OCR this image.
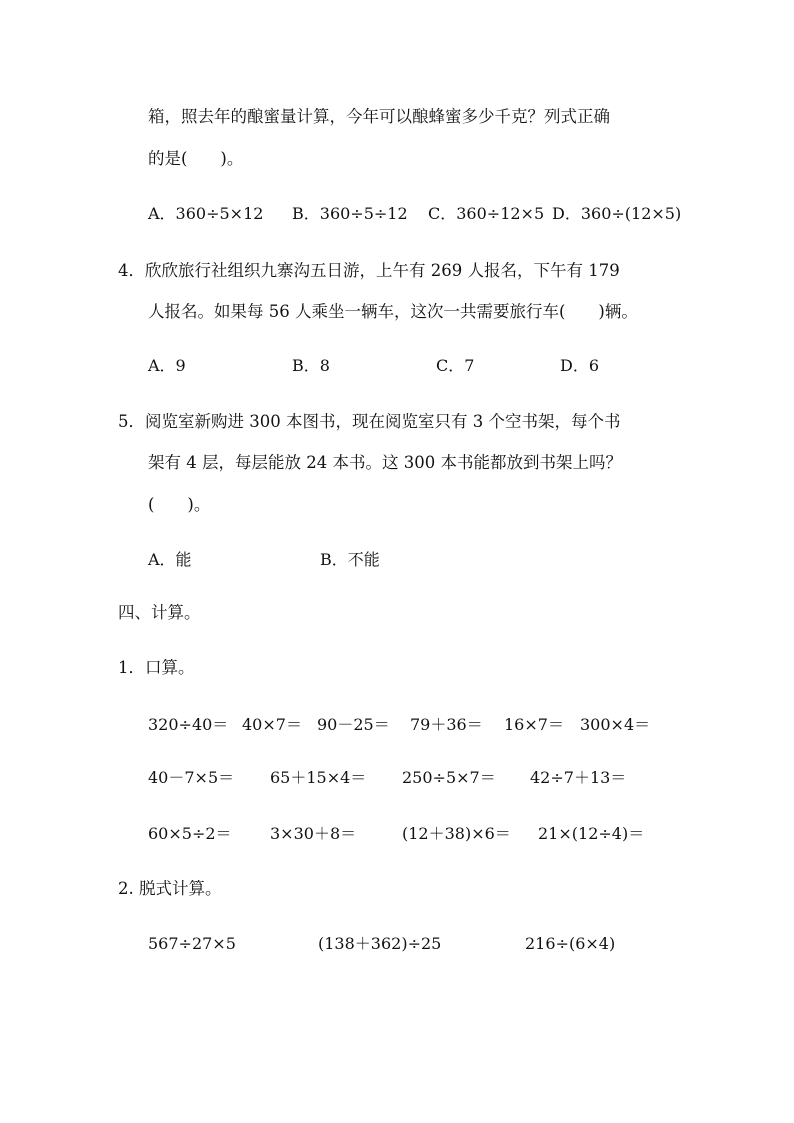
箱，照去年的酿蜜量计算，今年可以酿蜂蜜多少千克？列式正确
的是(　　)。
A．360÷5×12 B．360÷5÷12 C．360÷12×5 D．360÷(12×5)
4．欣欣旅行社组织九寨沟五日游，上午有 269 人报名，下午有 179
人报名。如果每 56 人乘坐一辆车，这次一共需要旅行车(　　)辆。
A．9	B．8	C．7	D．6
5．阅览室新购进 300 本图书，现在阅览室只有 3 个空书架，每个书
架有 4 层，每层能放 24 本书。这 300 本书能都放到书架上吗？
(　　)。
A．能	B．不能
四、计算。
1．口算。
320÷40＝ 40×7＝ 90－25＝ 79＋36＝ 16×7＝ 300×4＝
40－7×5＝ 65＋15×4＝ 250÷5×7＝ 42÷7＋13＝
60×5÷2＝ 3×30＋8＝	(12＋38)×6＝ 21×(12÷4)＝
2. 脱式计算。
567÷27×5	(138＋362)÷25	216÷(6×4)
